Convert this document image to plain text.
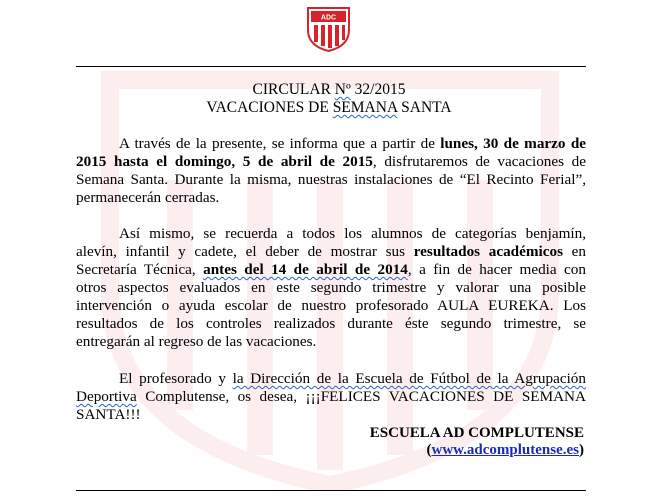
ADC
CIRCULAR Nº 32/2015
VACACIONES DE SEMANA SANTA
A través de la presente, se informa que a partir de lunes, 30 de marzo de
2015 hasta el domingo, 5 de abril de 2015, disfrutaremos de vacaciones de
Semana Santa. Durante la misma, nuestras instalaciones de “El Recinto Ferial”,
permanecerán cerradas.
Así mismo, se recuerda a todos los alumnos de categorías benjamín,
alevín, infantil y cadete, el deber de mostrar sus resultados académicos en
Secretaría Técnica, antes del 14 de abril de 2014, a fin de hacer media con
otros aspectos evaluados en este segundo trimestre y valorar una posible
intervención o ayuda escolar de nuestro profesorado AULA EUREKA. Los
resultados de los controles realizados durante éste segundo trimestre, se
entregarán al regreso de las vacaciones.
El profesorado y la Dirección de la Escuela de Fútbol de la Agrupación
Deportiva Complutense, os desea, ¡¡¡FELICES VACACIONES DE SEMANA
SANTA!!!
ESCUELA AD COMPLUTENSE
(www.adcomplutense.es)
